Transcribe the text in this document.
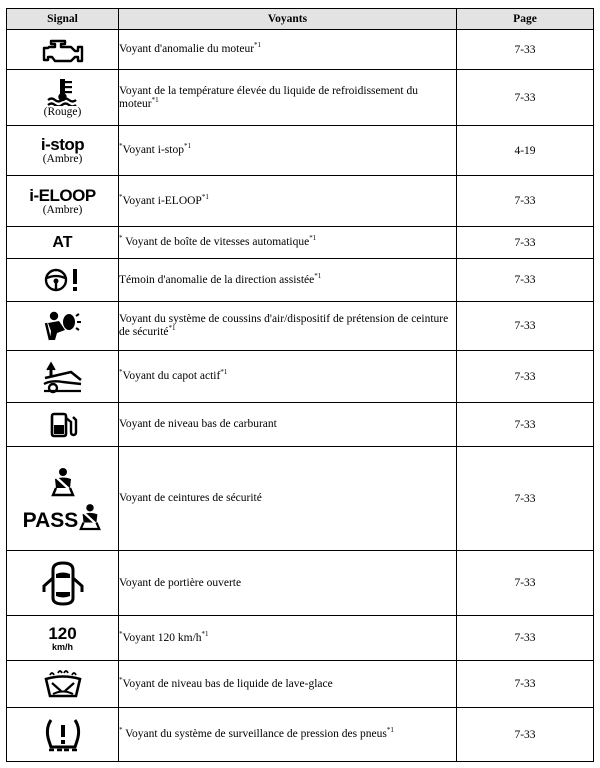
Signal	Voyants	Page

	Voyant d'anomalie du moteur$^{*1}$	7-33

(Rouge)	Voyant de la température élevée du liquide de refroidissement du moteur$^{*1}$	7-33

i-stop
(Ambre)	*Voyant i-stop$^{*1}$	4-19

i-ELOOP
(Ambre)	*Voyant i-ELOOP$^{*1}$	7-33

AT	* Voyant de boîte de vitesses automatique$^{*1}$	7-33

	Témoin d'anomalie de la direction assistée$^{*1}$	7-33

	Voyant du système de coussins d'air/dispositif de prétension de ceinture de sécurité$^{*1}$	7-33

	*Voyant du capot actif$^{*1}$	7-33

	Voyant de niveau bas de carburant	7-33

PASS	Voyant de ceintures de sécurité	7-33

	Voyant de portière ouverte	7-33

120
km/h	*Voyant 120 $km/h^{*1}$	7-33

	*Voyant de niveau bas de liquide de lave-glace	7-33

	* Voyant du système de surveillance de pression des pneus$^{*1}$	7-33
